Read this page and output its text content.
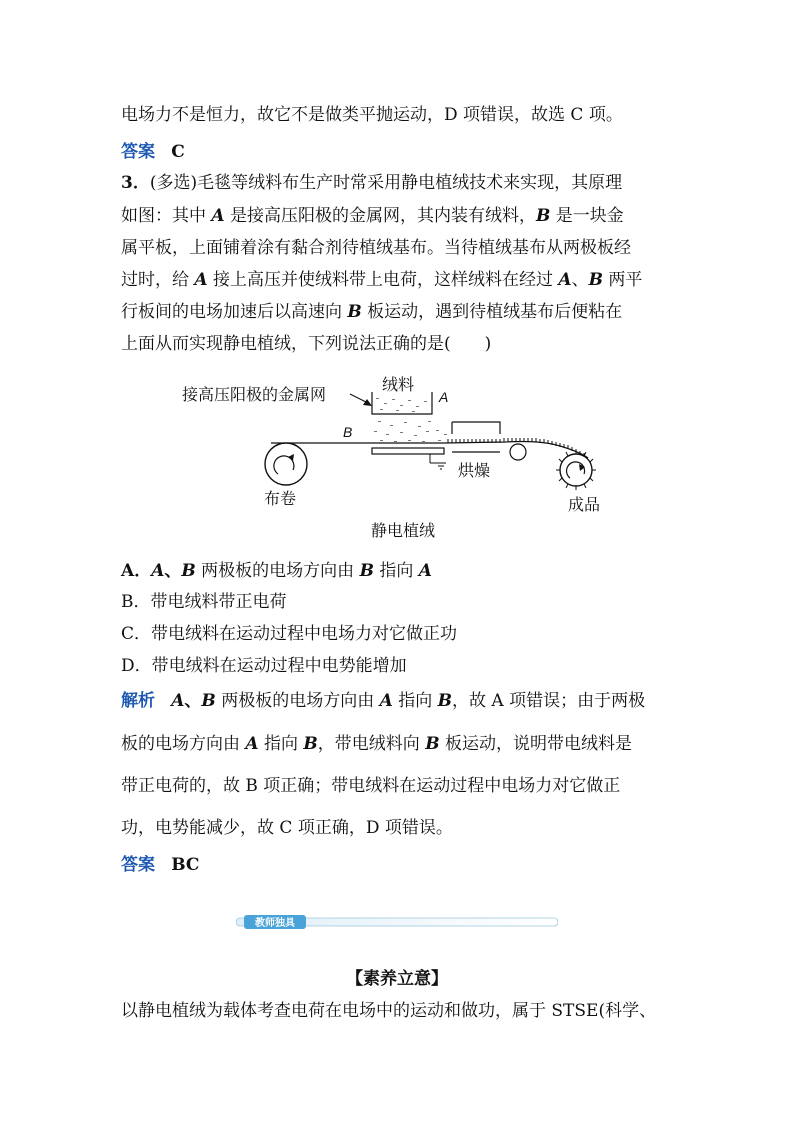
电场力不是恒力，故它不是做类平抛运动，D 项错误，故选 C 项。
答案 C
3．(多选)毛毯等绒料布生产时常采用静电植绒技术来实现，其原理
如图：其中 A 是接高压阳极的金属网，其内装有绒料，B 是一块金
属平板，上面铺着涂有黏合剂待植绒基布。当待植绒基布从两极板经
过时，给 A 接上高压并使绒料带上电荷，这样绒料在经过 A、B 两平
行板间的电场加速后以高速向 B 板运动，遇到待植绒基布后便粘在
上面从而实现静电植绒，下列说法正确的是(　　)
接高压阳极的金属网
绒料
A
B
烘燥
布卷	成品
静电植绒
A．A、B 两极板的电场方向由 B 指向 A
B．带电绒料带正电荷
C．带电绒料在运动过程中电场力对它做正功
D．带电绒料在运动过程中电势能增加
解析 A、B 两极板的电场方向由 A 指向 B，故 A 项错误；由于两极
板的电场方向由 A 指向 B，带电绒料向 B 板运动，说明带电绒料是
带正电荷的，故 B 项正确；带电绒料在运动过程中电场力对它做正
功，电势能减少，故 C 项正确，D 项错误。
答案 BC
教师独具
【素养立意】
以静电植绒为载体考查电荷在电场中的运动和做功，属于 STSE(科学、
